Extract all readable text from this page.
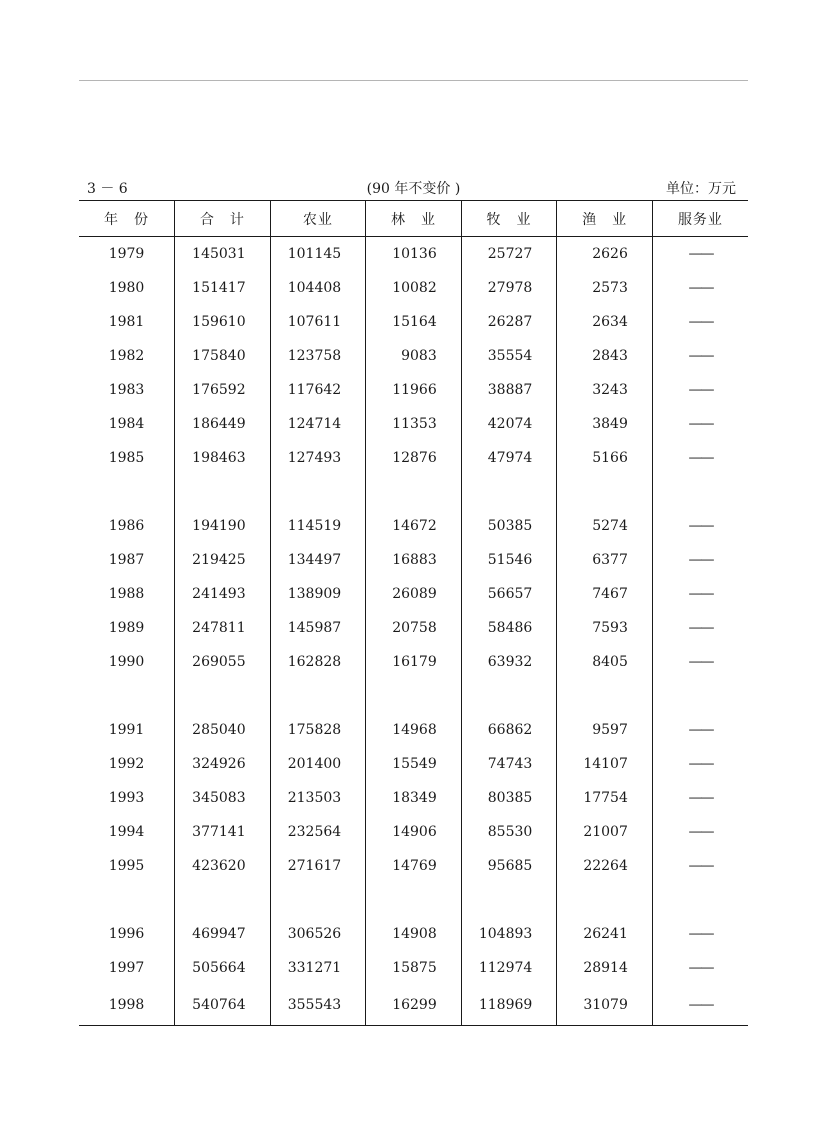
3 － 6	(90 年不变价 )	单位：万元
年　份	合　计	农业	林　业	牧　业	渔　业	服务业
1979	145031	101145	10136	25727	2626	——
1980	151417	104408	10082	27978	2573	——
1981	159610	107611	15164	26287	2634	——
1982	175840	123758	9083	35554	2843	——
1983	176592	117642	11966	38887	3243	——
1984	186449	124714	11353	42074	3849	——
1985	198463	127493	12876	47974	5166	——

1986	194190	114519	14672	50385	5274	——
1987	219425	134497	16883	51546	6377	——
1988	241493	138909	26089	56657	7467	——
1989	247811	145987	20758	58486	7593	——
1990	269055	162828	16179	63932	8405	——

1991	285040	175828	14968	66862	9597	——
1992	324926	201400	15549	74743	14107	——
1993	345083	213503	18349	80385	17754	——
1994	377141	232564	14906	85530	21007	——
1995	423620	271617	14769	95685	22264	——

1996	469947	306526	14908	104893	26241	——
1997	505664	331271	15875	112974	28914	——
1998	540764	355543	16299	118969	31079	——
